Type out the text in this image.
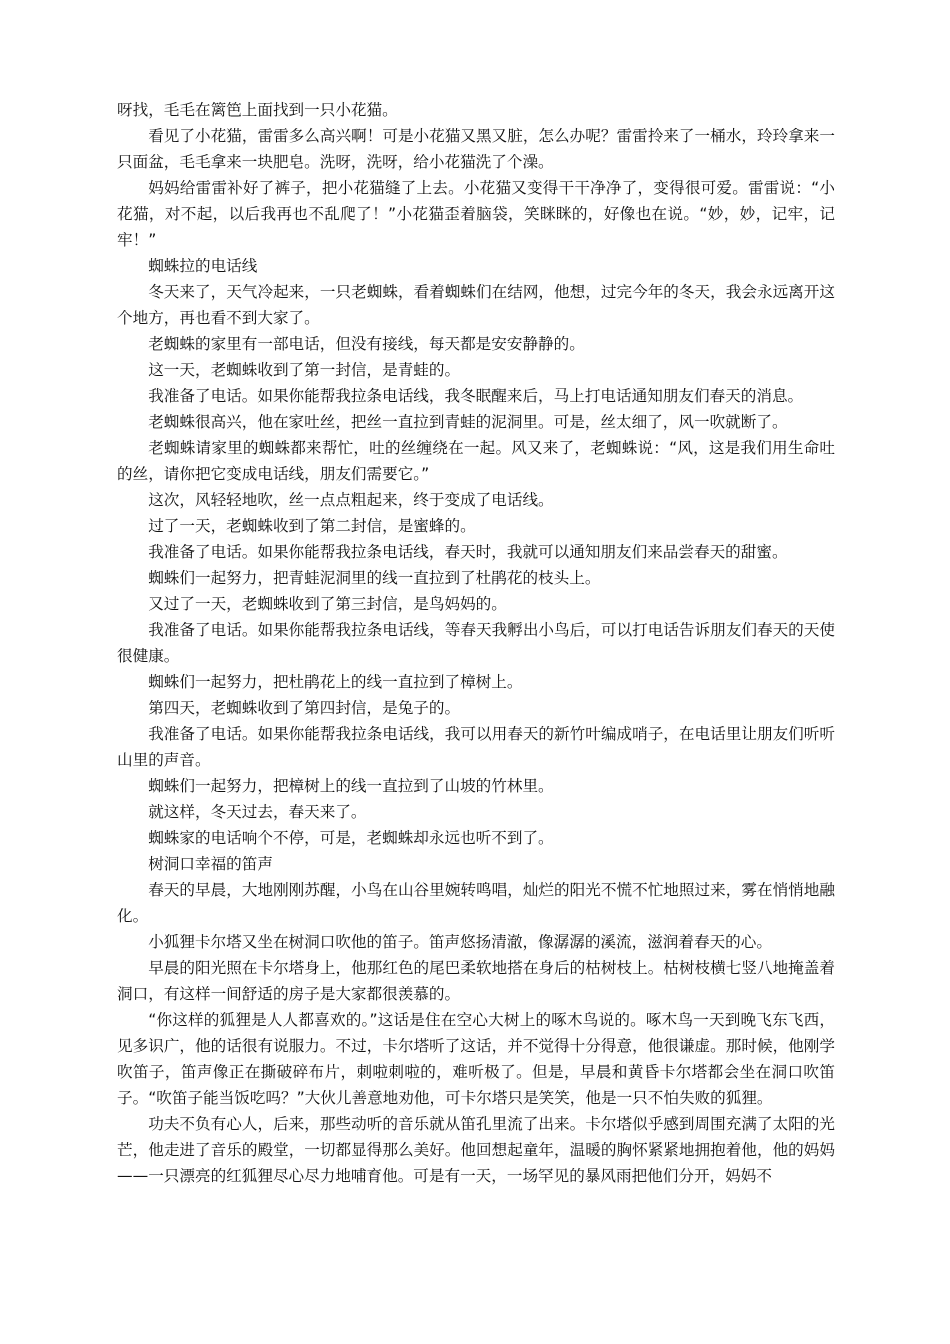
呀找，毛毛在篱笆上面找到一只小花猫。

看见了小花猫，雷雷多么高兴啊！可是小花猫又黑又脏，怎么办呢？雷雷拎来了一桶水，玲玲拿来一只面盆，毛毛拿来一块肥皂。洗呀，洗呀，给小花猫洗了个澡。

妈妈给雷雷补好了裤子，把小花猫缝了上去。小花猫又变得干干净净了，变得很可爱。雷雷说：“小花猫，对不起，以后我再也不乱爬了！”小花猫歪着脑袋，笑眯眯的，好像也在说。“妙，妙，记牢，记牢！”

蜘蛛拉的电话线

冬天来了，天气冷起来，一只老蜘蛛，看着蜘蛛们在结网，他想，过完今年的冬天，我会永远离开这个地方，再也看不到大家了。

老蜘蛛的家里有一部电话，但没有接线，每天都是安安静静的。

这一天，老蜘蛛收到了第一封信，是青蛙的。

我准备了电话。如果你能帮我拉条电话线，我冬眠醒来后，马上打电话通知朋友们春天的消息。

老蜘蛛很高兴，他在家吐丝，把丝一直拉到青蛙的泥洞里。可是，丝太细了，风一吹就断了。

老蜘蛛请家里的蜘蛛都来帮忙，吐的丝缠绕在一起。风又来了，老蜘蛛说：“风，这是我们用生命吐的丝，请你把它变成电话线，朋友们需要它。”

这次，风轻轻地吹，丝一点点粗起来，终于变成了电话线。

过了一天，老蜘蛛收到了第二封信，是蜜蜂的。

我准备了电话。如果你能帮我拉条电话线，春天时，我就可以通知朋友们来品尝春天的甜蜜。

蜘蛛们一起努力，把青蛙泥洞里的线一直拉到了杜鹃花的枝头上。

又过了一天，老蜘蛛收到了第三封信，是鸟妈妈的。

我准备了电话。如果你能帮我拉条电话线，等春天我孵出小鸟后，可以打电话告诉朋友们春天的天使很健康。

蜘蛛们一起努力，把杜鹃花上的线一直拉到了樟树上。

第四天，老蜘蛛收到了第四封信，是兔子的。

我准备了电话。如果你能帮我拉条电话线，我可以用春天的新竹叶编成哨子，在电话里让朋友们听听山里的声音。

蜘蛛们一起努力，把樟树上的线一直拉到了山坡的竹林里。

就这样，冬天过去，春天来了。

蜘蛛家的电话响个不停，可是，老蜘蛛却永远也听不到了。

树洞口幸福的笛声

春天的早晨，大地刚刚苏醒，小鸟在山谷里婉转鸣唱，灿烂的阳光不慌不忙地照过来，雾在悄悄地融化。

小狐狸卡尔塔又坐在树洞口吹他的笛子。笛声悠扬清澈，像潺潺的溪流，滋润着春天的心。

早晨的阳光照在卡尔塔身上，他那红色的尾巴柔软地搭在身后的枯树枝上。枯树枝横七竖八地掩盖着洞口，有这样一间舒适的房子是大家都很羡慕的。

“你这样的狐狸是人人都喜欢的。”这话是住在空心大树上的啄木鸟说的。啄木鸟一天到晚飞东飞西，见多识广，他的话很有说服力。不过，卡尔塔听了这话，并不觉得十分得意，他很谦虚。那时候，他刚学吹笛子，笛声像正在撕破碎布片，刺啦刺啦的，难听极了。但是，早晨和黄昏卡尔塔都会坐在洞口吹笛子。“吹笛子能当饭吃吗？”大伙儿善意地劝他，可卡尔塔只是笑笑，他是一只不怕失败的狐狸。

功夫不负有心人，后来，那些动听的音乐就从笛孔里流了出来。卡尔塔似乎感到周围充满了太阳的光芒，他走进了音乐的殿堂，一切都显得那么美好。他回想起童年，温暖的胸怀紧紧地拥抱着他，他的妈妈——一只漂亮的红狐狸尽心尽力地哺育他。可是有一天，一场罕见的暴风雨把他们分开，妈妈不
